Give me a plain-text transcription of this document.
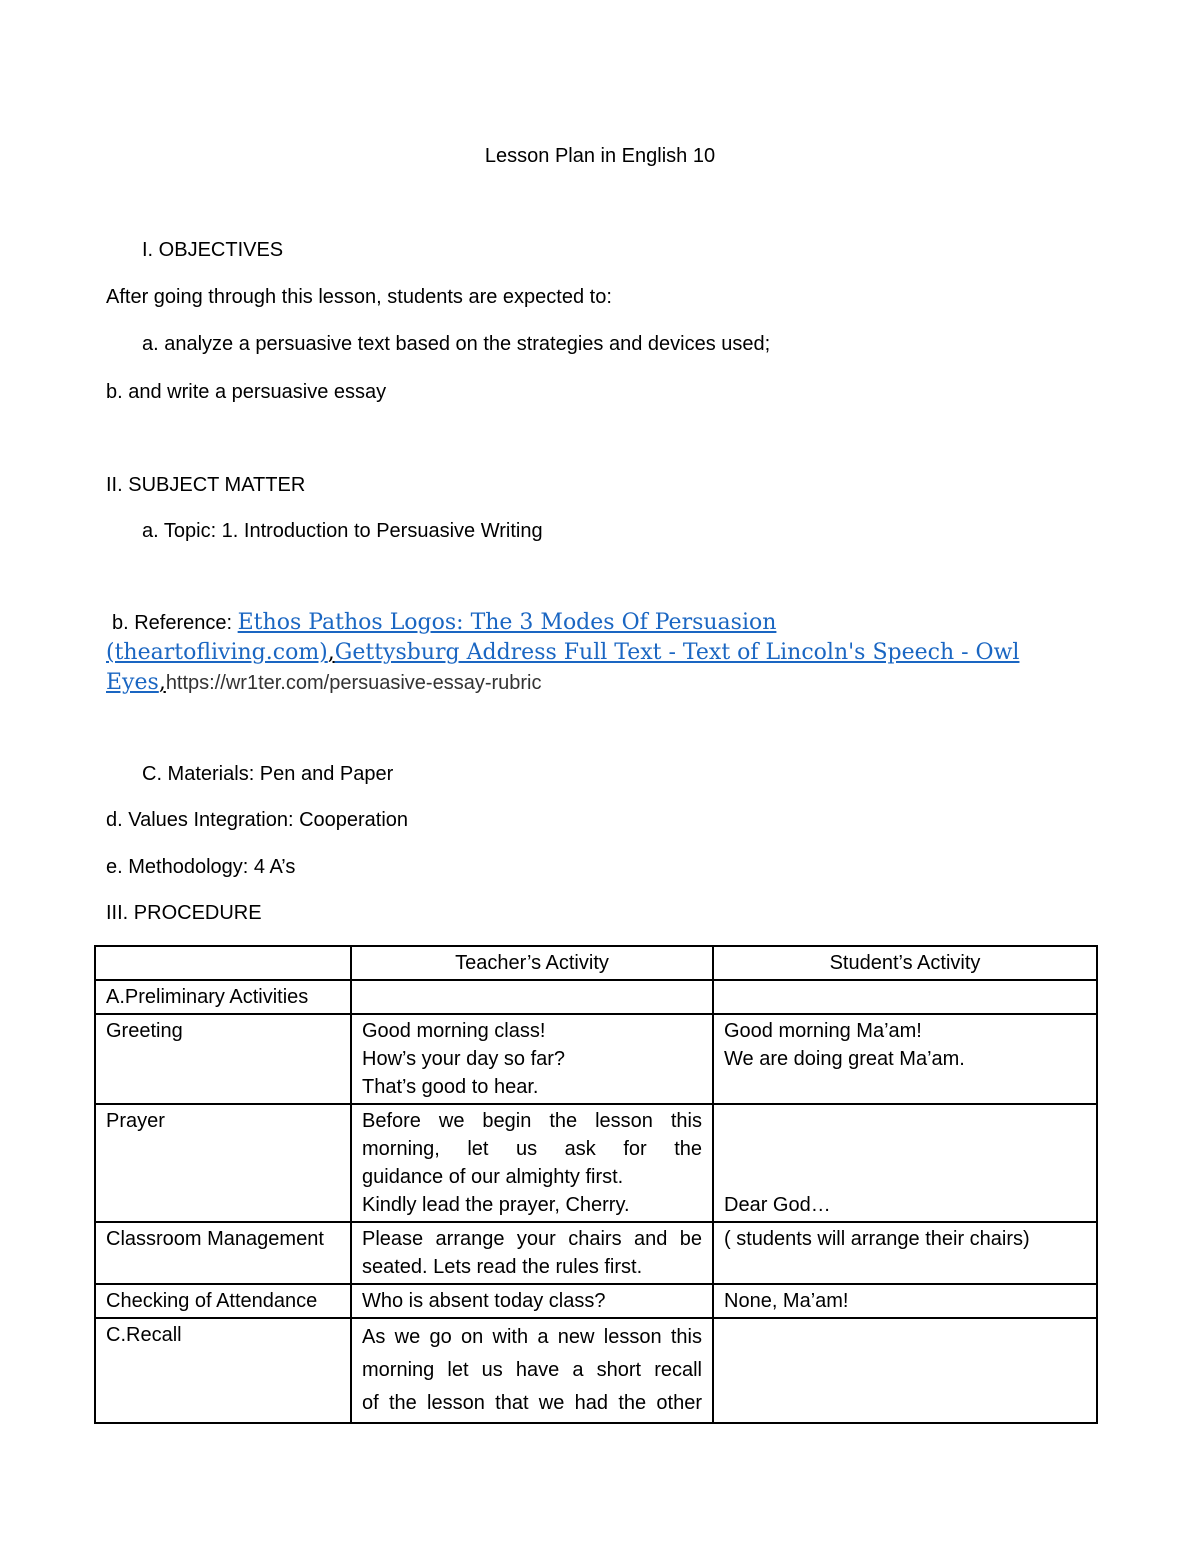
Lesson Plan in English 10
I. OBJECTIVES
After going through this lesson, students are expected to:
a. analyze a persuasive text based on the strategies and devices used;
b. and write a persuasive essay
II. SUBJECT MATTER
a. Topic: 1. Introduction to Persuasive Writing
b. Reference: Ethos Pathos Logos: The 3 Modes Of Persuasion (theartofliving.com),Gettysburg Address Full Text - Text of Lincoln's Speech - Owl Eyes,https://wr1ter.com/persuasive-essay-rubric
C. Materials: Pen and Paper
d. Values Integration: Cooperation
e. Methodology: 4 A’s
III. PROCEDURE
	Teacher’s Activity	Student’s Activity
A.Preliminary Activities		
Greeting	Good morning class!
How’s your day so far?
That’s good to hear.	Good morning Ma’am!
We are doing great Ma’am.

Prayer	Before we begin the lesson this
morning, let us ask for the
guidance of our almighty first.
Kindly lead the prayer, Cherry.	Dear God…

Classroom Management	Please arrange your chairs and be
seated. Lets read the rules first.	( students will arrange their chairs)

Checking of Attendance	Who is absent today class?	None, Ma’am!

C.Recall	As we go on with a new lesson this
morning let us have a short recall
of the lesson that we had the other	
